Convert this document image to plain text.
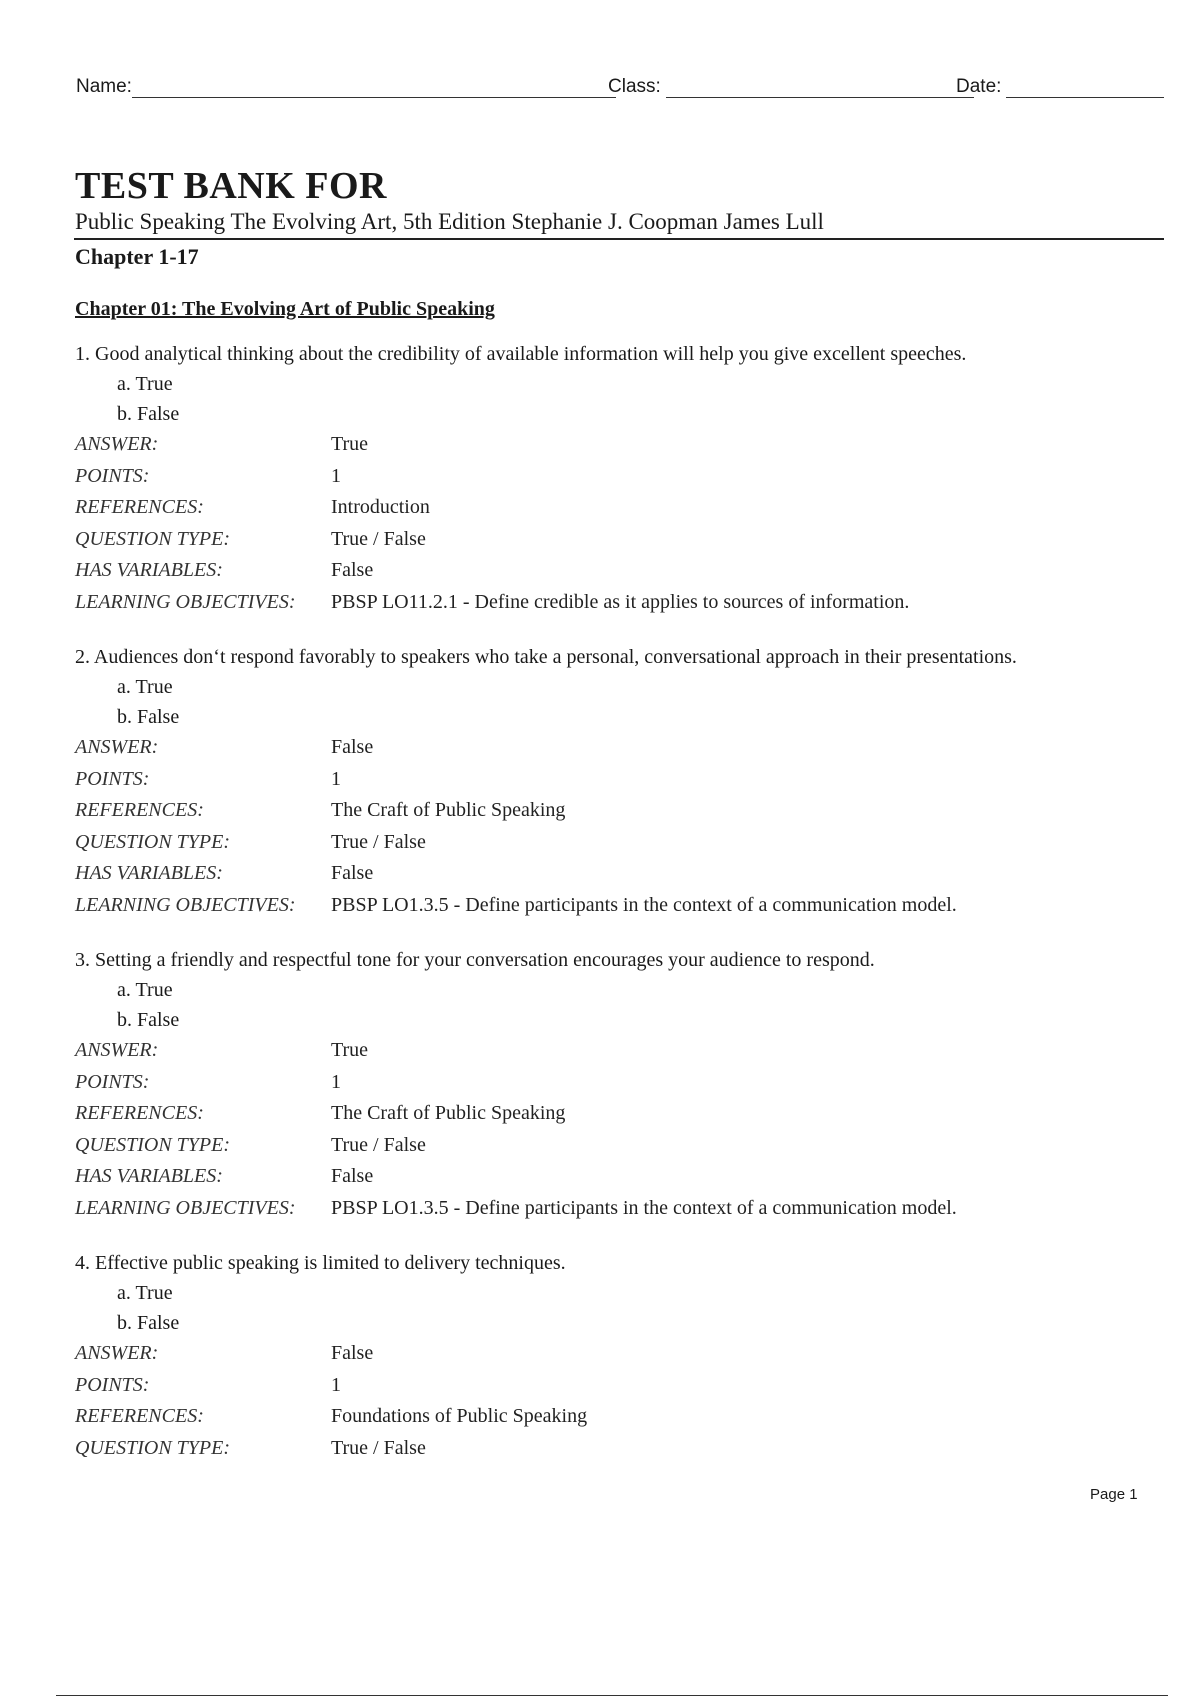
Name:	Class:	Date:
TEST BANK FOR
Public Speaking The Evolving Art, 5th Edition Stephanie J. Coopman James Lull
Chapter 1-17
Chapter 01: The Evolving Art of Public Speaking
1. Good analytical thinking about the credibility of available information will help you give excellent speeches.
a. True
b. False
ANSWER:	True
POINTS:	1
REFERENCES:	Introduction
QUESTION TYPE:	True / False
HAS VARIABLES:	False
LEARNING OBJECTIVES: PBSP LO11.2.1 - Define credible as it applies to sources of information.
2. Audiences don‘t respond favorably to speakers who take a personal, conversational approach in their presentations.
a. True
b. False
ANSWER:	False
POINTS:	1
REFERENCES:	The Craft of Public Speaking
QUESTION TYPE:	True / False
HAS VARIABLES:	False
LEARNING OBJECTIVES: PBSP LO1.3.5 - Define participants in the context of a communication model.
3. Setting a friendly and respectful tone for your conversation encourages your audience to respond.
a. True
b. False
ANSWER:	True
POINTS:	1
REFERENCES:	The Craft of Public Speaking
QUESTION TYPE:	True / False
HAS VARIABLES:	False
LEARNING OBJECTIVES: PBSP LO1.3.5 - Define participants in the context of a communication model.
4. Effective public speaking is limited to delivery techniques.
a. True
b. False
ANSWER:	False
POINTS:	1
REFERENCES:	Foundations of Public Speaking
QUESTION TYPE:	True / False
Page 1
